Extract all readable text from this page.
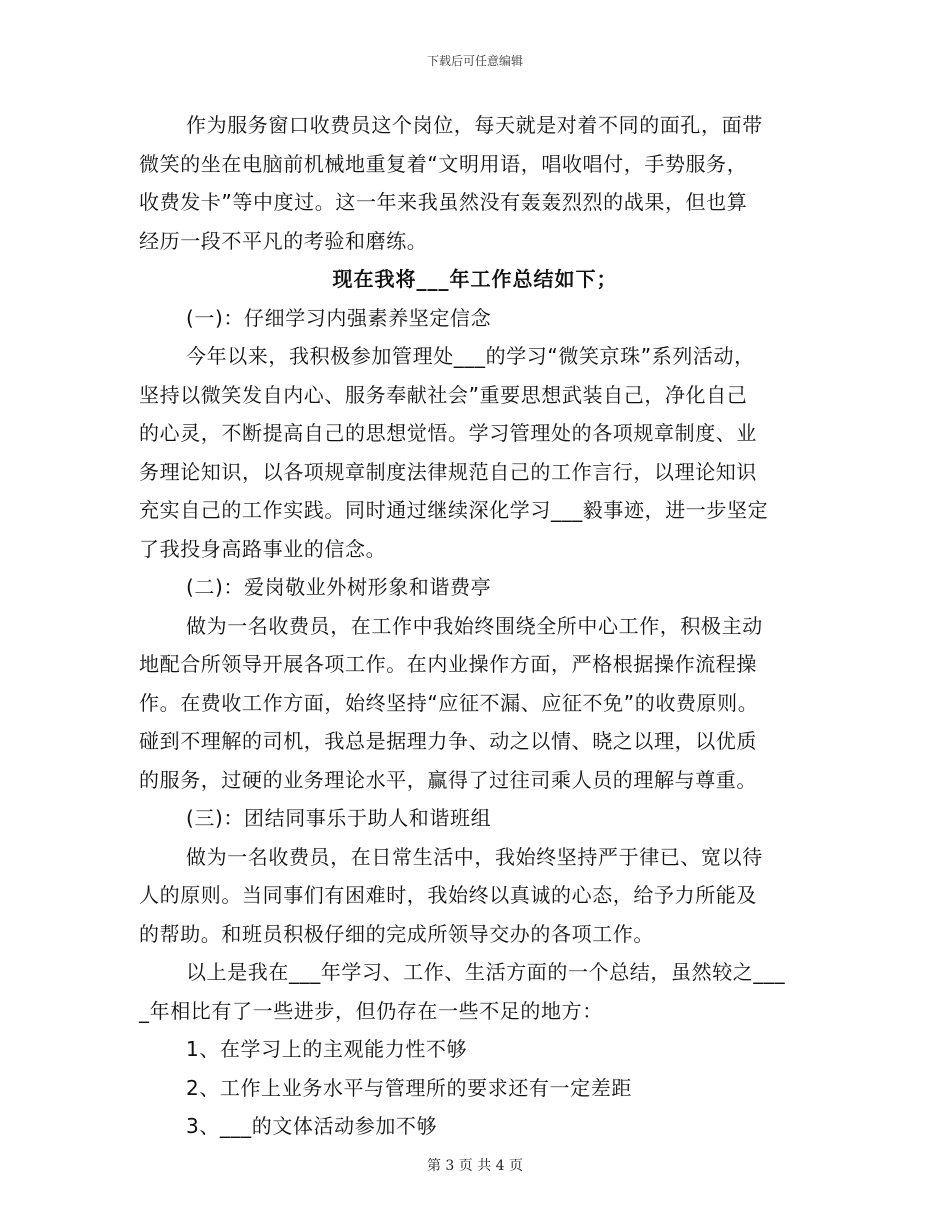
下载后可任意编辑
作为服务窗口收费员这个岗位，每天就是对着不同的面孔，面带
微笑的坐在电脑前机械地重复着“文明用语，唱收唱付，手势服务，
收费发卡”等中度过。这一年来我虽然没有轰轰烈烈的战果，但也算
经历一段不平凡的考验和磨练。
现在我将___年工作总结如下；
(一)：仔细学习内强素养坚定信念
今年以来，我积极参加管理处___的学习“微笑京珠”系列活动，
坚持以微笑发自内心、服务奉献社会”重要思想武装自己，净化自己
的心灵，不断提高自己的思想觉悟。学习管理处的各项规章制度、业
务理论知识，以各项规章制度法律规范自己的工作言行，以理论知识
充实自己的工作实践。同时通过继续深化学习___毅事迹，进一步坚定
了我投身高路事业的信念。
(二)：爱岗敬业外树形象和谐费亭
做为一名收费员，在工作中我始终围绕全所中心工作，积极主动
地配合所领导开展各项工作。在内业操作方面，严格根据操作流程操
作。在费收工作方面，始终坚持“应征不漏、应征不免”的收费原则。
碰到不理解的司机，我总是据理力争、动之以情、晓之以理，以优质
的服务，过硬的业务理论水平，赢得了过往司乘人员的理解与尊重。
(三)：团结同事乐于助人和谐班组
做为一名收费员，在日常生活中，我始终坚持严于律已、宽以待
人的原则。当同事们有困难时，我始终以真诚的心态，给予力所能及
的帮助。和班员积极仔细的完成所领导交办的各项工作。
以上是我在___年学习、工作、生活方面的一个总结，虽然较之___
_年相比有了一些进步，但仍存在一些不足的地方：
1、在学习上的主观能力性不够
2、工作上业务水平与管理所的要求还有一定差距
3、___的文体活动参加不够
第 3 页 共 4 页
